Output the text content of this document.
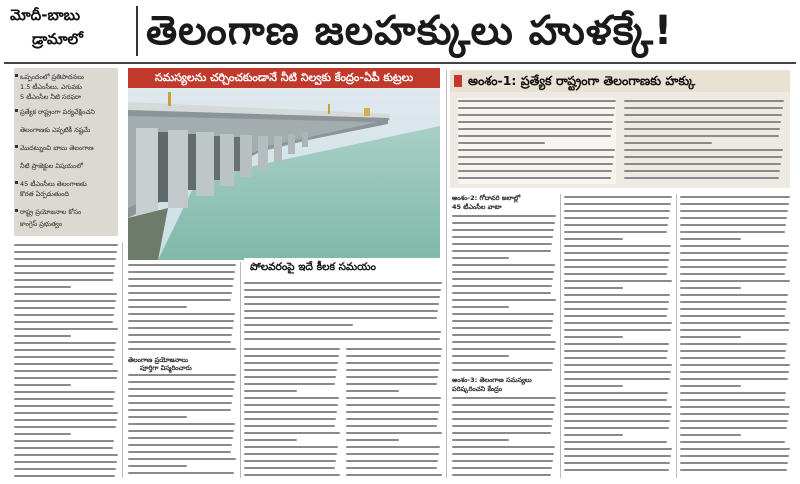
మోదీ-బాబు
డ్రామాలో తెలంగాణ జలహక్కులు హుళక్కే!
ఒప్పందంలో ప్రతిపాదనలు
1.5 టీఎంసీలు, ఎగువకు
5 టీఎంసీల నీటి సరఫరా
ప్రత్యేక రాష్ట్రంగా పర్యవేక్షించని
తెలంగాణకు ఎప్పటికీ నష్టమే
మొదట్నుంచి బాబు తెలంగాణ
నీటి ప్రాజెక్టుల విషయంలో
45 టీఎంసీలు తెలంగాణకు
కొరత ఏర్పడుతుంది
రాష్ట్ర ప్రయోజనాల కోసం
కాంగ్రెస్ ప్రభుత్వం
సమస్యలను చర్చించకుండానే నీటి నిల్వకు కేంద్రం-ఏపీ కుట్రలు
పోలవరంపై ఇదే కీలక సమయం
అంశం-1: ప్రత్యేక రాష్ట్రంగా తెలంగాణకు హక్కు
తెలంగాణ ప్రయోజనాలు
పూర్తిగా విస్మరించారు
అంశం-2: గోదావరి జలాల్లో
45 టీఎంసీల వాటా
అంశం-3: తెలంగాణ సమస్యలు
పరిష్కరించని కేంద్రం
